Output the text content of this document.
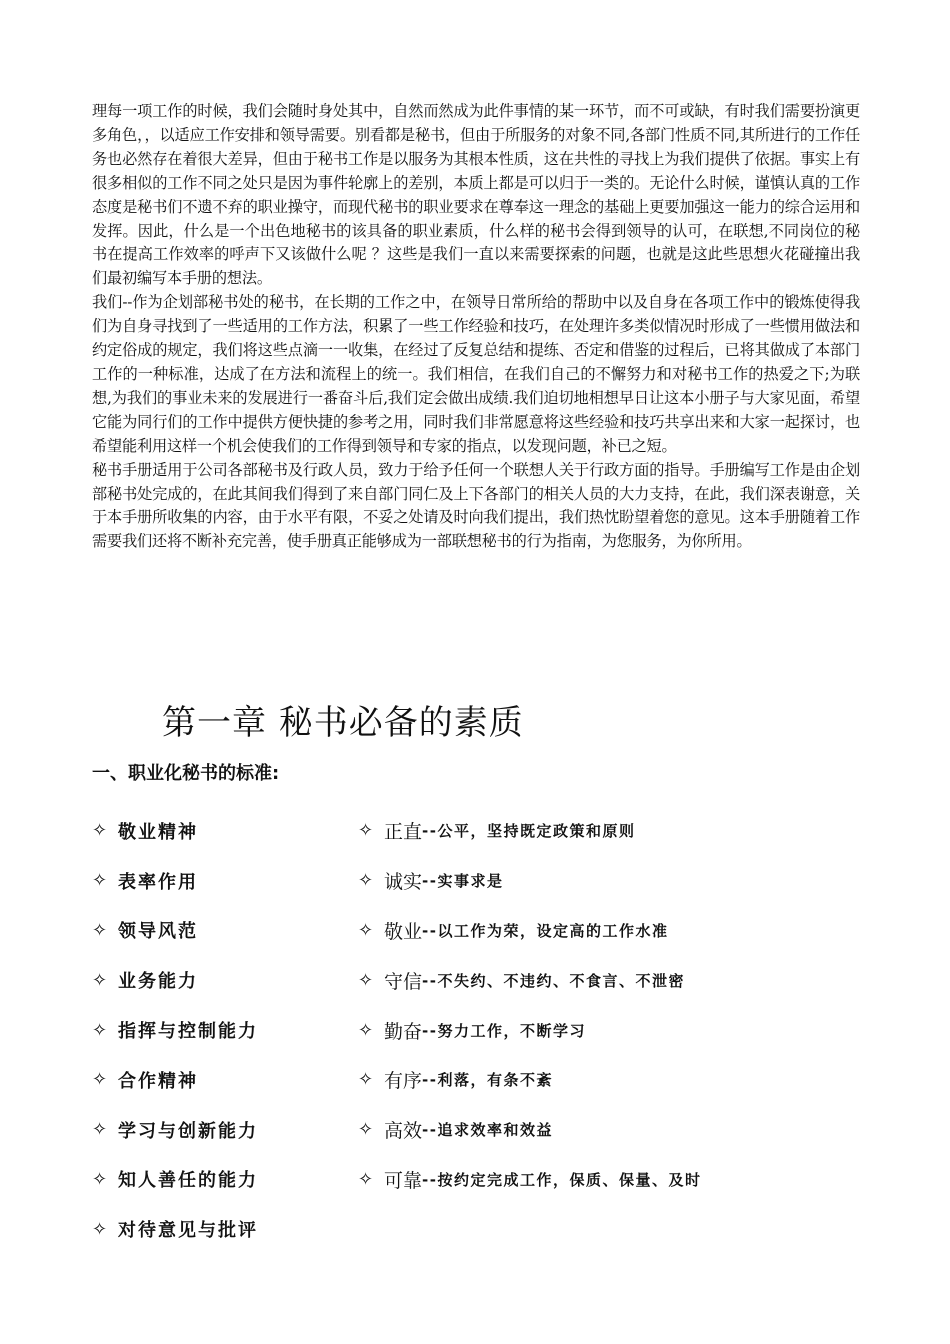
理每一项工作的时候，我们会随时身处其中，自然而然成为此件事情的某一环节，而不可或缺，有时我们需要扮演更多角色，，以适应工作安排和领导需要。别看都是秘书，但由于所服务的对象不同,各部门性质不同,其所进行的工作任务也必然存在着很大差异，但由于秘书工作是以服务为其根本性质，这在共性的寻找上为我们提供了依据。事实上有很多相似的工作不同之处只是因为事件轮廓上的差别，本质上都是可以归于一类的。无论什么时候，谨慎认真的工作态度是秘书们不遗不弃的职业操守，而现代秘书的职业要求在尊奉这一理念的基础上更要加强这一能力的综合运用和发挥。因此，什么是一个出色地秘书的该具备的职业素质，什么样的秘书会得到领导的认可，在联想,不同岗位的秘书在提高工作效率的呼声下又该做什么呢 ？这些是我们一直以来需要探索的问题，也就是这此些思想火花碰撞出我们最初编写本手册的想法。

我们--作为企划部秘书处的秘书，在长期的工作之中，在领导日常所给的帮助中以及自身在各项工作中的锻炼使得我们为自身寻找到了一些适用的工作方法，积累了一些工作经验和技巧，在处理许多类似情况时形成了一些惯用做法和约定俗成的规定，我们将这些点滴一一收集，在经过了反复总结和提练、否定和借鉴的过程后，已将其做成了本部门工作的一种标准，达成了在方法和流程上的统一。我们相信，在我们自己的不懈努力和对秘书工作的热爱之下;为联想,为我们的事业未来的发展进行一番奋斗后,我们定会做出成绩.我们迫切地相想早日让这本小册子与大家见面，希望它能为同行们的工作中提供方便快捷的参考之用，同时我们非常愿意将这些经验和技巧共享出来和大家一起探讨，也希望能利用这样一个机会使我们的工作得到领导和专家的指点，以发现问题，补已之短。

秘书手册适用于公司各部秘书及行政人员，致力于给予任何一个联想人关于行政方面的指导。手册编写工作是由企划部秘书处完成的，在此其间我们得到了来自部门同仁及上下各部门的相关人员的大力支持，在此，我们深表谢意，关于本手册所收集的内容，由于水平有限，不妥之处请及时向我们提出，我们热忱盼望着您的意见。这本手册随着工作需要我们还将不断补充完善，使手册真正能够成为一部联想秘书的行为指南，为您服务，为你所用。

第一章 秘书必备的素质
一、职业化秘书的标准:
✧ 敬业精神
✧ 表率作用
✧ 领导风范
✧ 业务能力
✧ 指挥与控制能力
✧ 合作精神
✧ 学习与创新能力
✧ 知人善任的能力
✧ 对待意见与批评
✧ 正直 --公平，坚持既定政策和原则
✧ 诚实 --实事求是
✧ 敬业 --以工作为荣，设定高的工作水准
✧ 守信 --不失约、不违约、不食言、不泄密
✧ 勤奋 --努力工作，不断学习
✧ 有序 --利落，有条不紊
✧ 高效 --追求效率和效益
✧ 可靠 --按约定完成工作，保质、保量、及时
